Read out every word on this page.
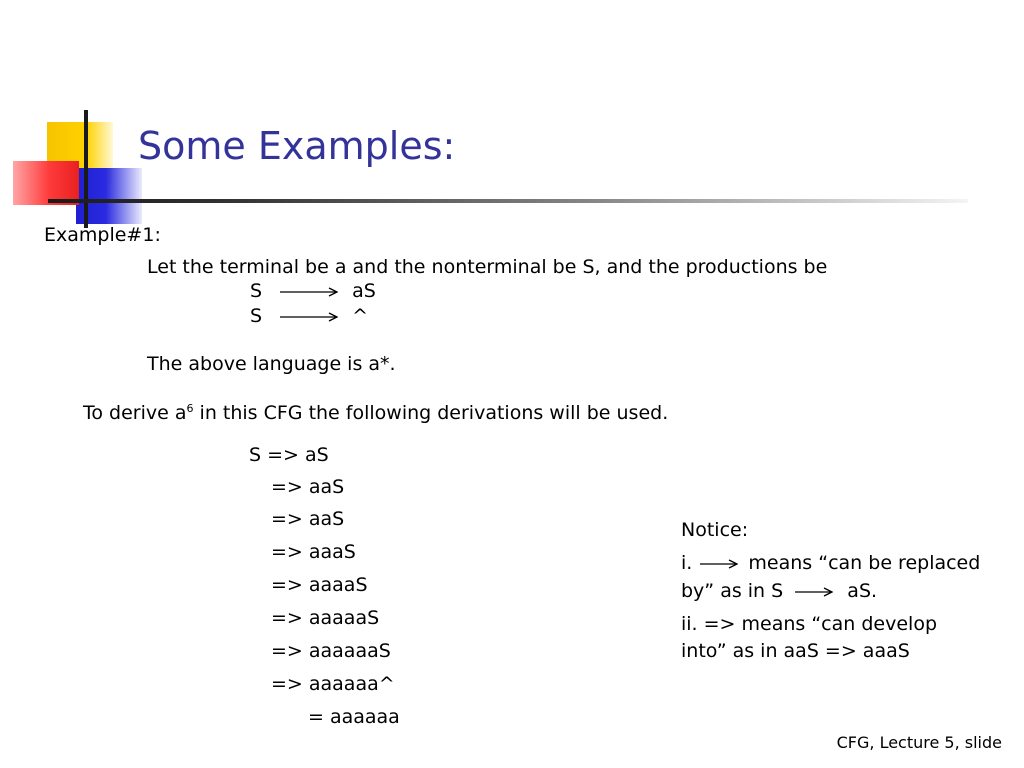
Some Examples:
Example#1:
Let the terminal be a and the nonterminal be S, and the productions be
S	aS
S	^
The above language is a*.
To derive $a^6$ in this CFG the following derivations will be used.
S => aS
=> aaS
=> aaS
=> aaaS
=> aaaaS
=> aaaaaS
=> aaaaaaS
=> aaaaaa^
= aaaaaa
Notice:
i.	means “can be replaced
by” as in S	aS.
ii. => means “can develop
into” as in aaS => aaaS
CFG, Lecture 5, slide
